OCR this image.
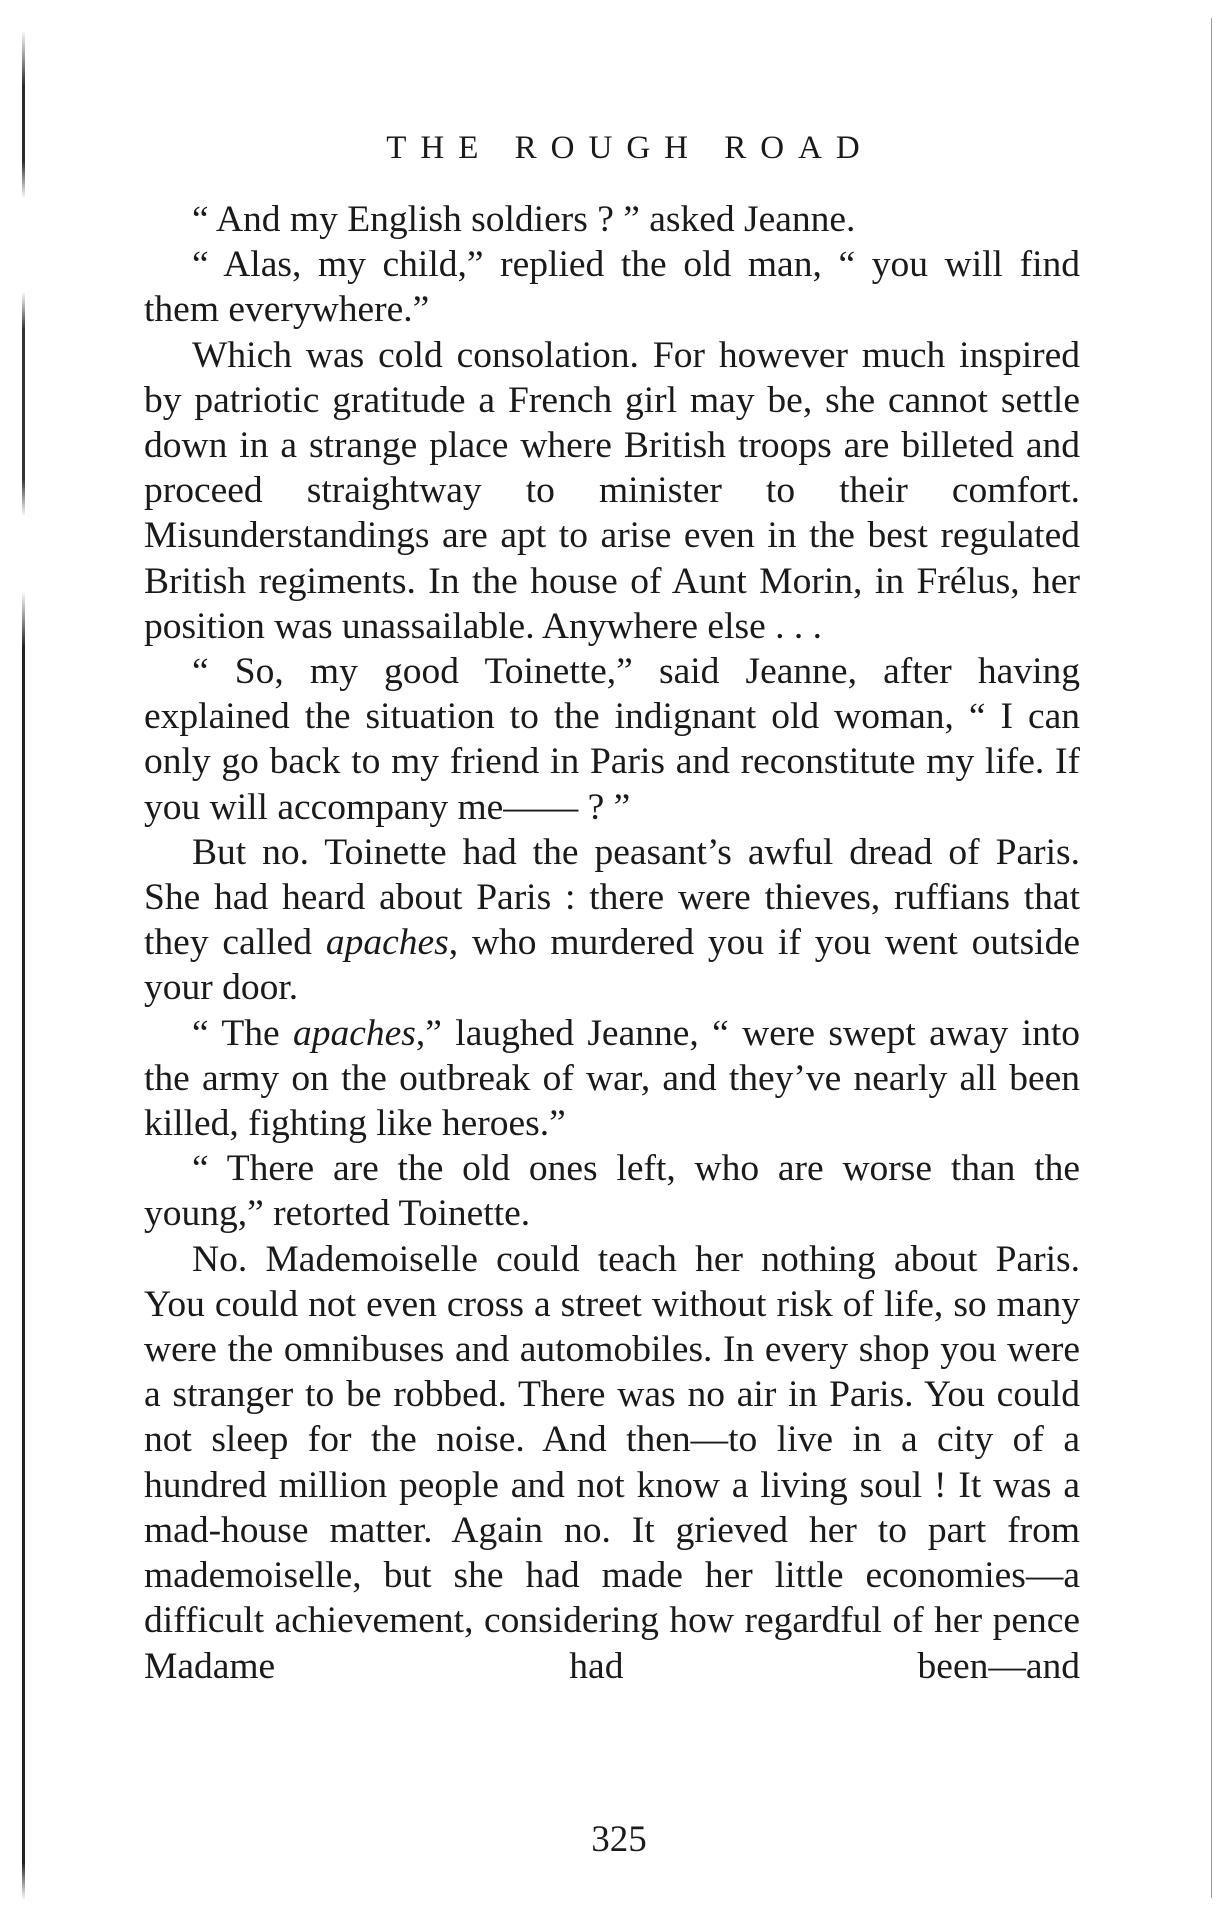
THE ROUGH ROAD

“ And my English soldiers ? ” asked Jeanne.

“ Alas, my child,” replied the old man, “ you will find them everywhere.”

Which was cold consolation. For however much inspired by patriotic gratitude a French girl may be, she cannot settle down in a strange place where British troops are billeted and proceed straightway to minister to their comfort. Misunderstandings are apt to arise even in the best regulated British regiments. In the house of Aunt Morin, in Frélus, her position was unassailable. Anywhere else . . .

“ So, my good Toinette,” said Jeanne, after having explained the situation to the indignant old woman, “ I can only go back to my friend in Paris and reconstitute my life. If you will accompany me—— ? ”

But no. Toinette had the peasant’s awful dread of Paris. She had heard about Paris : there were thieves, ruffians that they called apaches, who murdered you if you went outside your door.

“ The apaches,” laughed Jeanne, “ were swept away into the army on the outbreak of war, and they’ve nearly all been killed, fighting like heroes.”

“ There are the old ones left, who are worse than the young,” retorted Toinette.

No. Mademoiselle could teach her nothing about Paris. You could not even cross a street without risk of life, so many were the omnibuses and automobiles. In every shop you were a stranger to be robbed. There was no air in Paris. You could not sleep for the noise. And then—to live in a city of a hundred million people and not know a living soul ! It was a mad-house matter. Again no. It grieved her to part from mademoiselle, but she had made her little economies—a difficult achievement, considering how regardful of her pence Madame had been—and

325
